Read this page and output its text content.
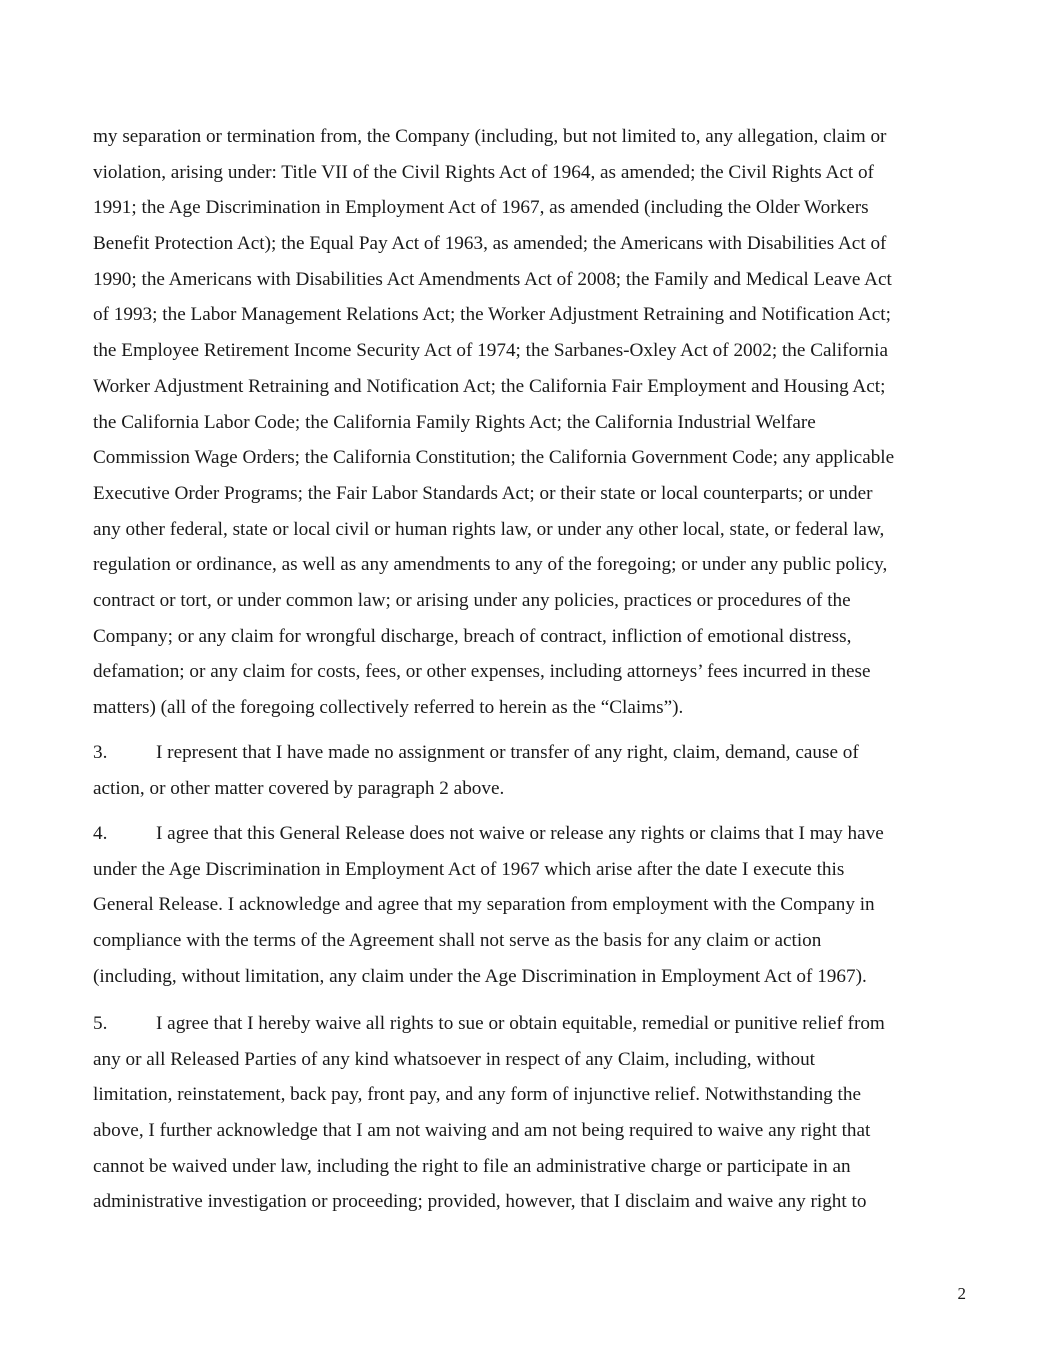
my separation or termination from, the Company (including, but not limited to, any allegation, claim or
violation, arising under: Title VII of the Civil Rights Act of 1964, as amended; the Civil Rights Act of
1991; the Age Discrimination in Employment Act of 1967, as amended (including the Older Workers
Benefit Protection Act); the Equal Pay Act of 1963, as amended; the Americans with Disabilities Act of
1990; the Americans with Disabilities Act Amendments Act of 2008; the Family and Medical Leave Act
of 1993; the Labor Management Relations Act; the Worker Adjustment Retraining and Notification Act;
the Employee Retirement Income Security Act of 1974; the Sarbanes-Oxley Act of 2002; the California
Worker Adjustment Retraining and Notification Act; the California Fair Employment and Housing Act;
the California Labor Code; the California Family Rights Act; the California Industrial Welfare
Commission Wage Orders; the California Constitution; the California Government Code; any applicable
Executive Order Programs; the Fair Labor Standards Act; or their state or local counterparts; or under
any other federal, state or local civil or human rights law, or under any other local, state, or federal law,
regulation or ordinance, as well as any amendments to any of the foregoing; or under any public policy,
contract or tort, or under common law; or arising under any policies, practices or procedures of the
Company; or any claim for wrongful discharge, breach of contract, infliction of emotional distress,
defamation; or any claim for costs, fees, or other expenses, including attorneys’ fees incurred in these
matters) (all of the foregoing collectively referred to herein as the “Claims”).
3.	I represent that I have made no assignment or transfer of any right, claim, demand, cause of
action, or other matter covered by paragraph 2 above.
4.	I agree that this General Release does not waive or release any rights or claims that I may have
under the Age Discrimination in Employment Act of 1967 which arise after the date I execute this
General Release. I acknowledge and agree that my separation from employment with the Company in
compliance with the terms of the Agreement shall not serve as the basis for any claim or action
(including, without limitation, any claim under the Age Discrimination in Employment Act of 1967).
5.	I agree that I hereby waive all rights to sue or obtain equitable, remedial or punitive relief from
any or all Released Parties of any kind whatsoever in respect of any Claim, including, without
limitation, reinstatement, back pay, front pay, and any form of injunctive relief. Notwithstanding the
above, I further acknowledge that I am not waiving and am not being required to waive any right that
cannot be waived under law, including the right to file an administrative charge or participate in an
administrative investigation or proceeding; provided, however, that I disclaim and waive any right to
2
